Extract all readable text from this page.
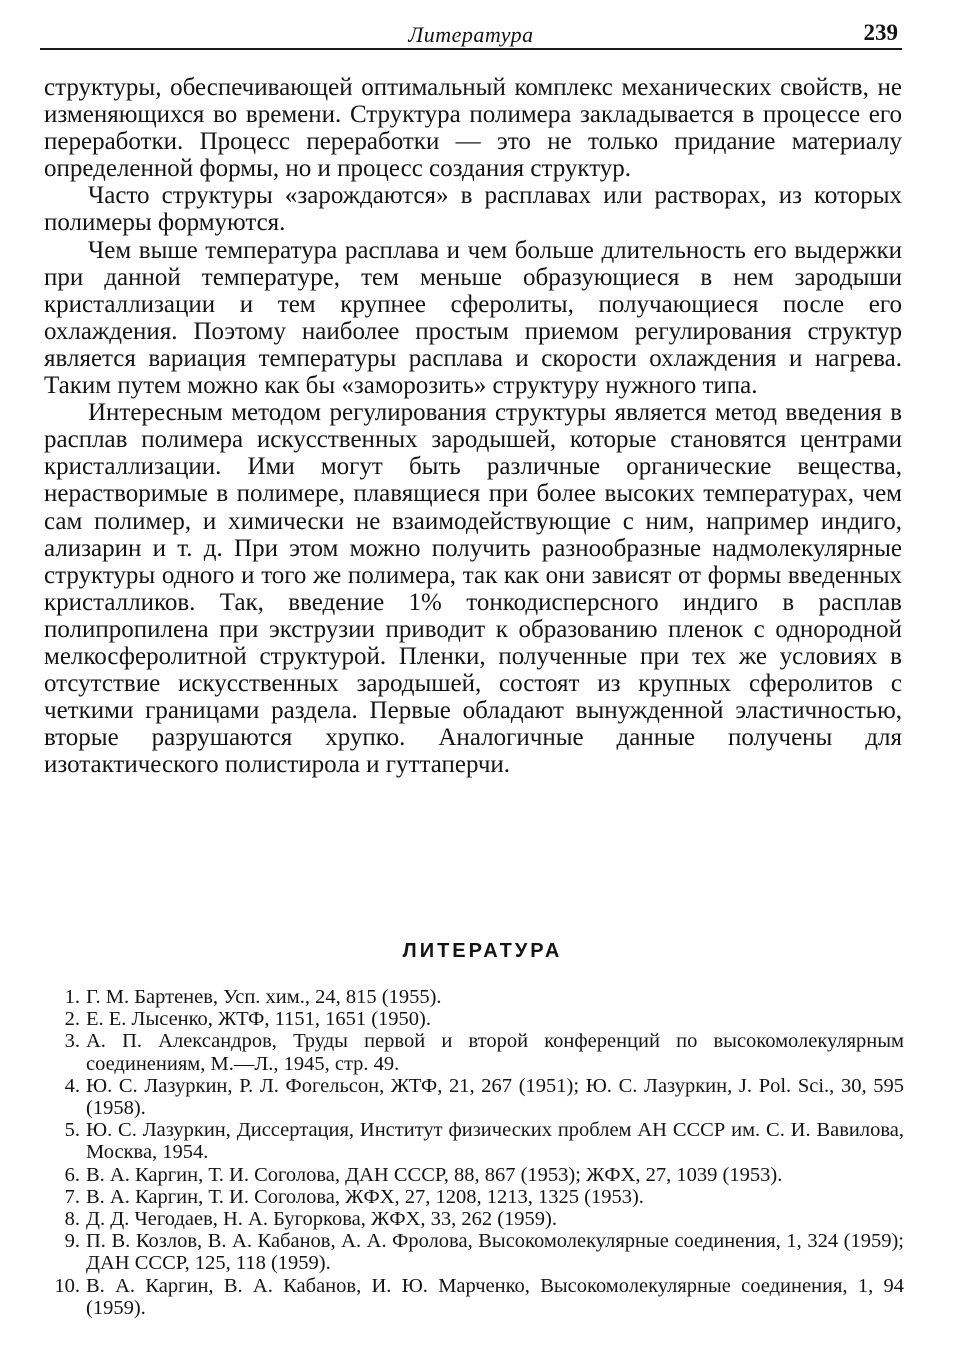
Литература	239

структуры, обеспечивающей оптимальный комплекс механических свойств, не изменяющихся во времени. Структура полимера закладывается в процессе его переработки. Процесс переработки — это не только придание материалу определенной формы, но и процесс создания структур.

Часто структуры «зарождаются» в расплавах или растворах, из которых полимеры формуются.

Чем выше температура расплава и чем больше длительность его выдержки при данной температуре, тем меньше образующиеся в нем зародыши кристаллизации и тем крупнее сферолиты, получающиеся после его охлаждения. Поэтому наиболее простым приемом регулирования структур является вариация температуры расплава и скорости охлаждения и нагрева. Таким путем можно как бы «заморозить» структуру нужного типа.

Интересным методом регулирования структуры является метод введения в расплав полимера искусственных зародышей, которые становятся центрами кристаллизации. Ими могут быть различные органические вещества, нерастворимые в полимере, плавящиеся при более высоких температурах, чем сам полимер, и химически не взаимодействующие с ним, например индиго, ализарин и т. д. При этом можно получить разнообразные надмолекулярные структуры одного и того же полимера, так как они зависят от формы введенных кристалликов. Так, введение 1% тонкодисперсного индиго в расплав полипропилена при экструзии приводит к образованию пленок с однородной мелкосферолитной структурой. Пленки, полученные при тех же условиях в отсутствие искусственных зародышей, состоят из крупных сферолитов с четкими границами раздела. Первые обладают вынужденной эластичностью, вторые разрушаются хрупко. Аналогичные данные получены для изотактического полистирола и гуттаперчи.

ЛИТЕРАТУРА
1. Г. М. Бартенев, Усп. хим., 24, 815 (1955).
2. Е. Е. Лысенко, ЖТФ, 1151, 1651 (1950).
3. А. П. Александров, Труды первой и второй конференций по высокомолекулярным соединениям, М.—Л., 1945, стр. 49.
4. Ю. С. Лазуркин, Р. Л. Фогельсон, ЖТФ, 21, 267 (1951); Ю. С. Лазуркин, J. Pol. Sci., 30, 595 (1958).
5. Ю. С. Лазуркин, Диссертация, Институт физических проблем АН СССР им. С. И. Вавилова, Москва, 1954.
6. В. А. Каргин, Т. И. Соголова, ДАН СССР, 88, 867 (1953); ЖФХ, 27, 1039 (1953).
7. В. А. Каргин, Т. И. Соголова, ЖФХ, 27, 1208, 1213, 1325 (1953).
8. Д. Д. Чегодаев, Н. А. Бугоркова, ЖФХ, 33, 262 (1959).
9. П. В. Козлов, В. А. Кабанов, А. А. Фролова, Высокомолекулярные соединения, 1, 324 (1959); ДАН СССР, 125, 118 (1959).
10. В. А. Каргин, В. А. Кабанов, И. Ю. Марченко, Высокомолекулярные соединения, 1, 94 (1959).
